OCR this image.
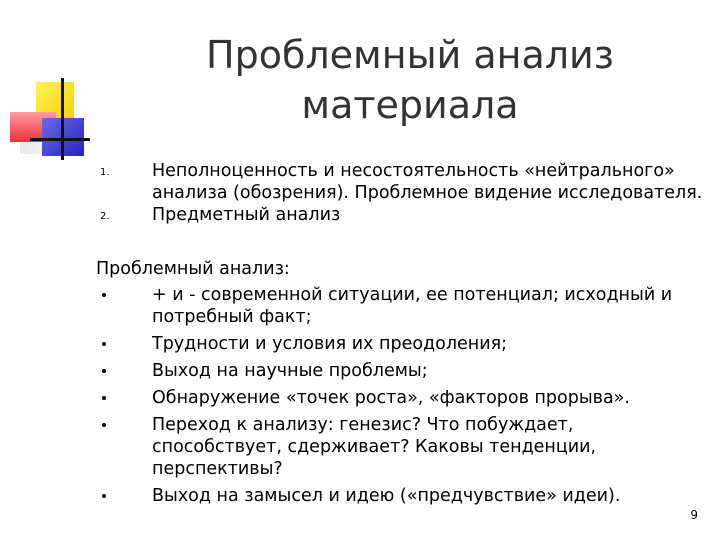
Проблемный анализ
материала
1. Неполноценность и несостоятельность «нейтрального» анализа (обозрения). Проблемное видение исследователя.
2. Предметный анализ
Проблемный анализ:
+ и - современной ситуации, ее потенциал; исходный и потребный факт;
Трудности и условия их преодоления;
Выход на научные проблемы;
Обнаружение «точек роста», «факторов прорыва».
Переход к анализу: генезис? Что побуждает, способствует, сдерживает? Каковы тенденции, перспективы?
Выход на замысел и идею («предчувствие» идеи).
9
